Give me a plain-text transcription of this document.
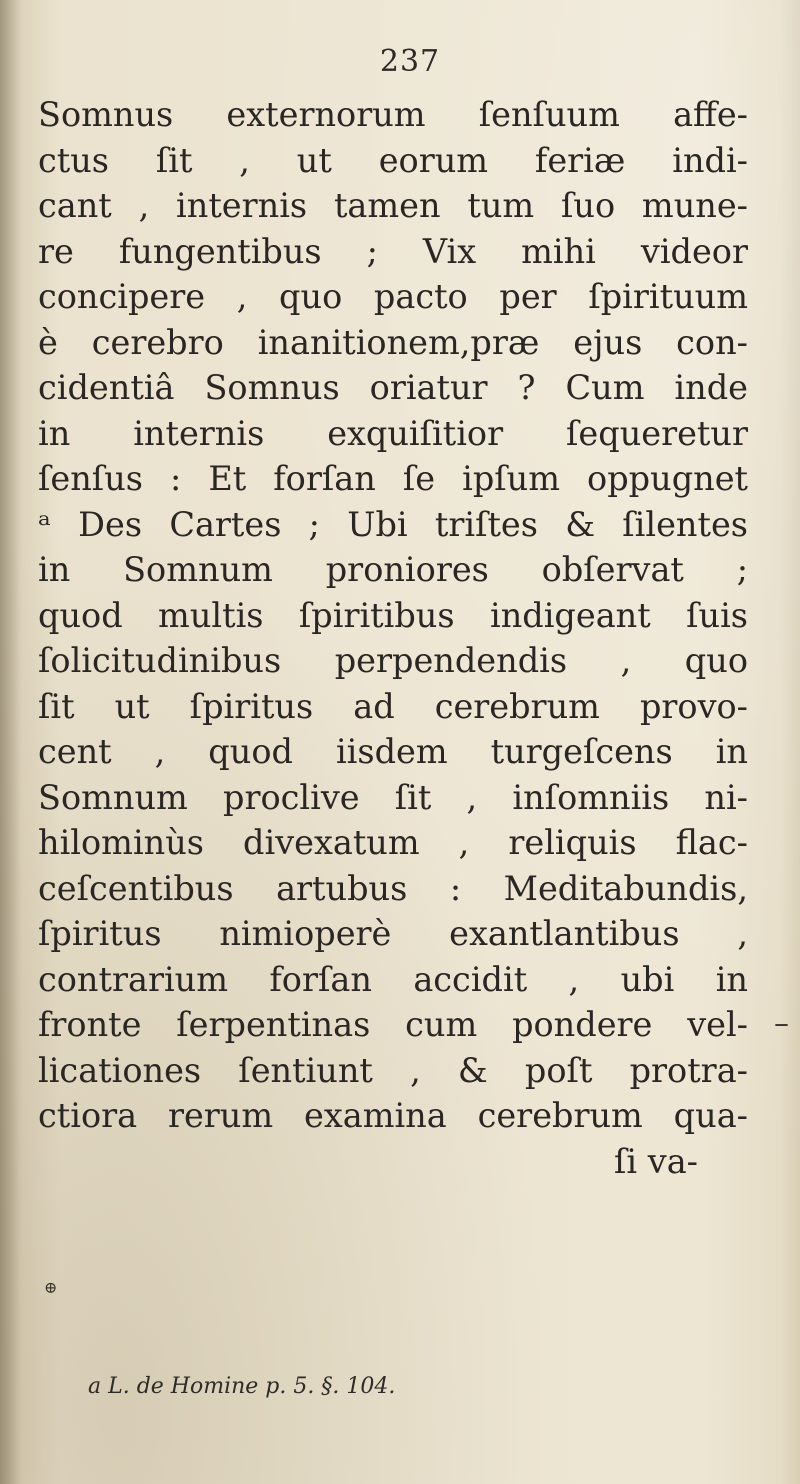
237
Somnus externorum ſenſuum affe-
ctus ſit , ut eorum feriæ indi-
cant , internis tamen tum ſuo mune-
re fungentibus ; Vix mihi videor
concipere , quo pacto per ſpirituum
è cerebro inanitionem,præ ejus con-
cidentiâ Somnus oriatur ? Cum inde
in internis exquiſitior ſequeretur
ſenſus : Et forſan ſe ipſum oppugnet
ᵃ Des Cartes ; Ubi triſtes & ſilentes
in Somnum proniores obſervat ;
quod multis ſpiritibus indigeant ſuis
ſolicitudinibus perpendendis , quo
ſit ut ſpiritus ad cerebrum provo-
cent , quod iisdem turgeſcens in
Somnum proclive ſit , inſomniis ni-
hilominùs divexatum , reliquis flac-
ceſcentibus artubus : Meditabundis,
ſpiritus nimioperè exantlantibus ,
contrarium forſan accidit , ubi in
fronte ſerpentinas cum pondere vel-
licationes ſentiunt , & poſt protra-
ctiora rerum examina cerebrum qua-
ſi va-
⊕
–
a L. de Homine p. 5. §. 104.
